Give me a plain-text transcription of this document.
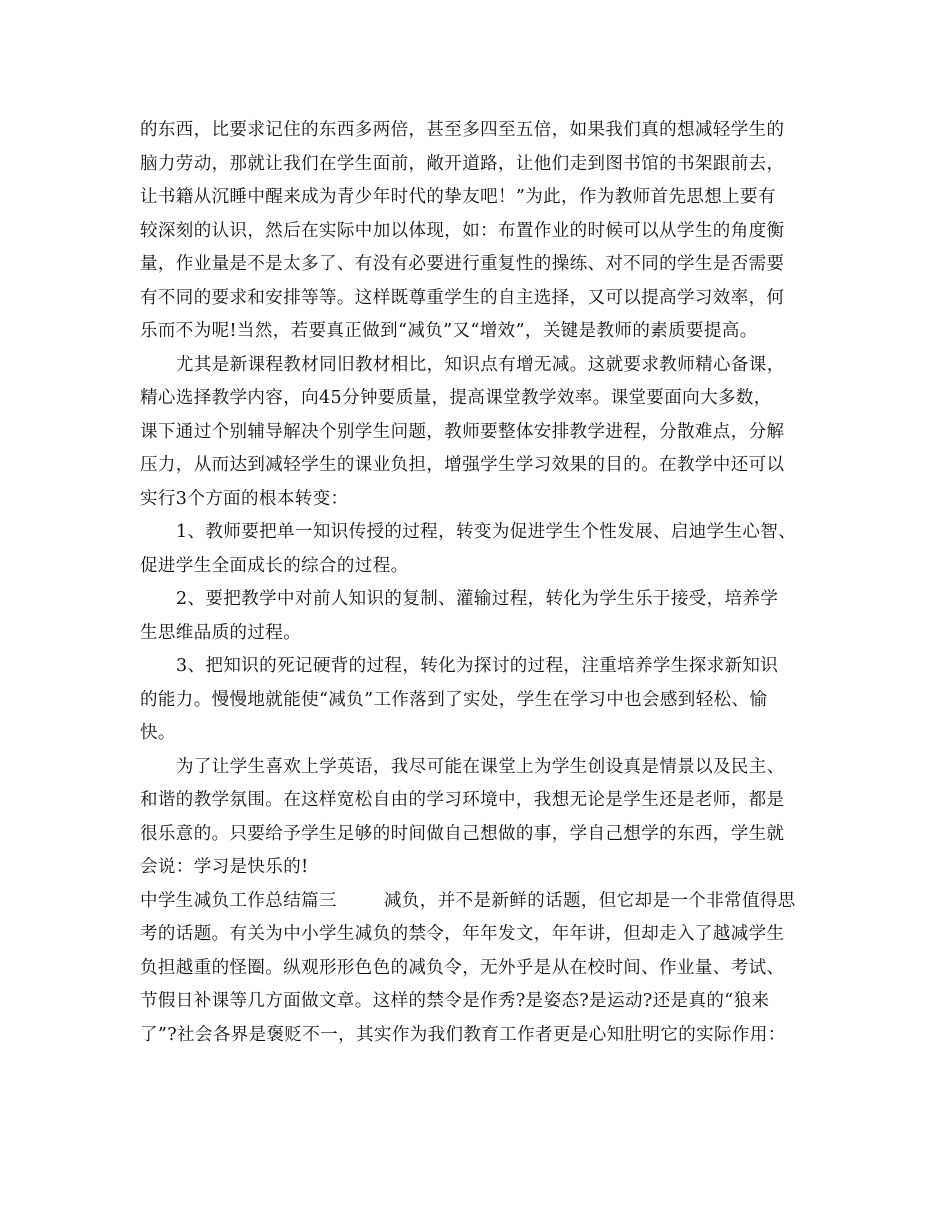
的东西，比要求记住的东西多两倍，甚至多四至五倍，如果我们真的想减轻学生的
脑力劳动，那就让我们在学生面前，敞开道路，让他们走到图书馆的书架跟前去，
让书籍从沉睡中醒来成为青少年时代的挚友吧！”为此，作为教师首先思想上要有
较深刻的认识，然后在实际中加以体现，如：布置作业的时候可以从学生的角度衡
量，作业量是不是太多了、有没有必要进行重复性的操练、对不同的学生是否需要
有不同的要求和安排等等。这样既尊重学生的自主选择，又可以提高学习效率，何
乐而不为呢!当然，若要真正做到“减负”又“增效”，关键是教师的素质要提高。
尤其是新课程教材同旧教材相比，知识点有增无减。这就要求教师精心备课，
精心选择教学内容，向45分钟要质量，提高课堂教学效率。课堂要面向大多数，
课下通过个别辅导解决个别学生问题，教师要整体安排教学进程，分散难点，分解
压力，从而达到减轻学生的课业负担，增强学生学习效果的目的。在教学中还可以
实行3个方面的根本转变：
1、教师要把单一知识传授的过程，转变为促进学生个性发展、启迪学生心智、
促进学生全面成长的综合的过程。
2、要把教学中对前人知识的复制、灌输过程，转化为学生乐于接受，培养学
生思维品质的过程。
3、把知识的死记硬背的过程，转化为探讨的过程，注重培养学生探求新知识
的能力。慢慢地就能使“减负”工作落到了实处，学生在学习中也会感到轻松、愉
快。
为了让学生喜欢上学英语，我尽可能在课堂上为学生创设真是情景以及民主、
和谐的教学氛围。在这样宽松自由的学习环境中，我想无论是学生还是老师，都是
很乐意的。只要给予学生足够的时间做自己想做的事，学自己想学的东西，学生就
会说：学习是快乐的!
中学生减负工作总结篇三	减负，并不是新鲜的话题，但它却是一个非常值得思
考的话题。有关为中小学生减负的禁令，年年发文，年年讲，但却走入了越减学生
负担越重的怪圈。纵观形形色色的减负令，无外乎是从在校时间、作业量、考试、
节假日补课等几方面做文章。这样的禁令是作秀?是姿态?是运动?还是真的“狼来
了”?社会各界是褒贬不一，其实作为我们教育工作者更是心知肚明它的实际作用：
